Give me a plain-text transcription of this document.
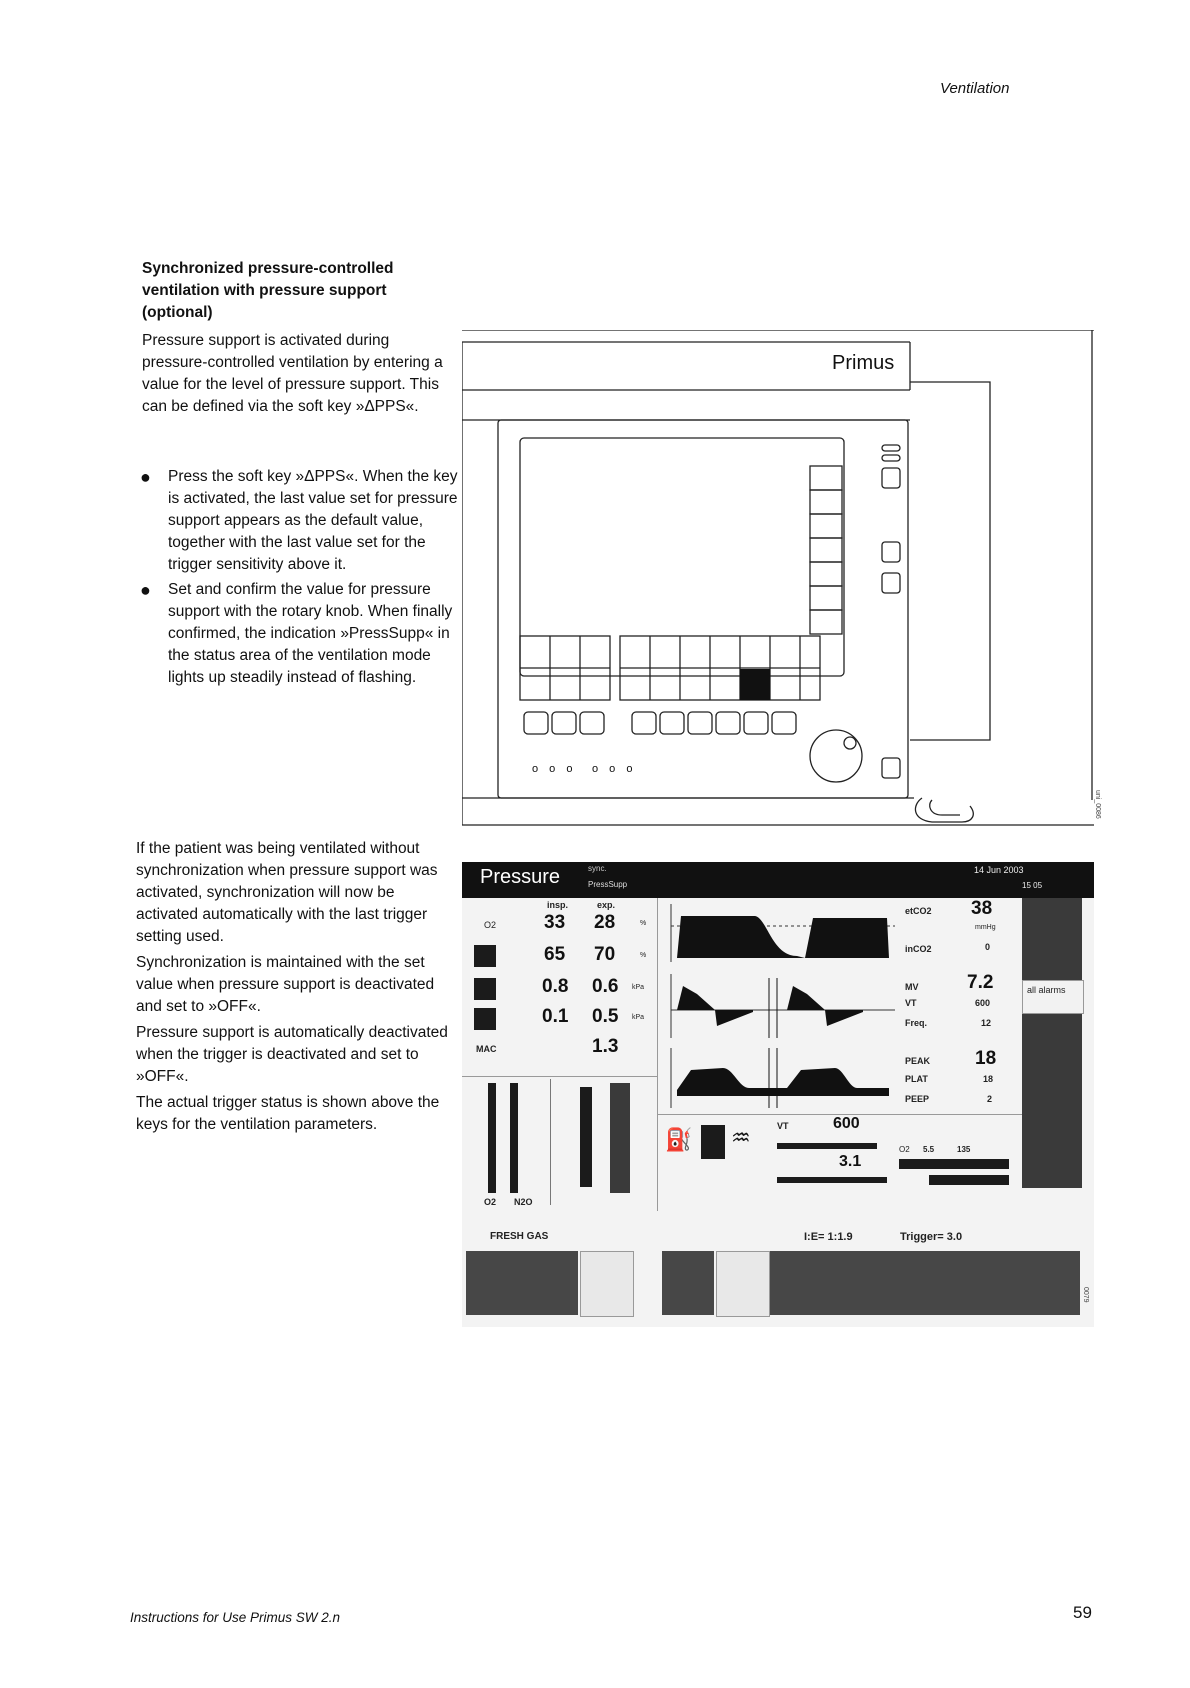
Ventilation
Synchronized pressure-controlled ventilation with pressure support (optional)
Pressure support is activated during pressure-controlled ventilation by entering a value for the level of pressure support. This can be defined via the soft key »ΔPPS«.
●	Press the soft key »ΔPPS«. When the key is activated, the last value set for pressure support appears as the default value, together with the last value set for the trigger sensitivity above it.
●	Set and confirm the value for pressure support with the rotary knob. When finally confirmed, the indication »PressSupp« in the status area of the ventilation mode lights up steadily instead of flashing.

If the patient was being ventilated without synchronization when pressure support was activated, synchronization will now be activated automatically with the last trigger setting used.

Synchronization is maintained with the set value when pressure support is deactivated and set to »OFF«.

Pressure support is automatically deactivated when the trigger is deactivated and set to »OFF«.

The actual trigger status is shown above the keys for the ventilation parameters.

o o o o o o
Primus
uni_0086
Pressure	sync.
PressSupp
14 Jun 2003
15 05
insp.	exp.
O2	33 28	%
65 70	%
0.8 0.6 kPa
0.1 0.5 kPa
MAC	1.3
O2 N2O
etCO2 38
mmHg
inCO2	0
MV	7.2
VT	600
Freq.	12
PEAK 18
PLAT	18
PEEP	2
all alarms
⛽ ♒	VT	600
3.1
O2 5.5	135
FRESH GAS	I:E= 1:1.9	Trigger= 3.0
0079
Instructions for Use Primus SW 2.n	59
